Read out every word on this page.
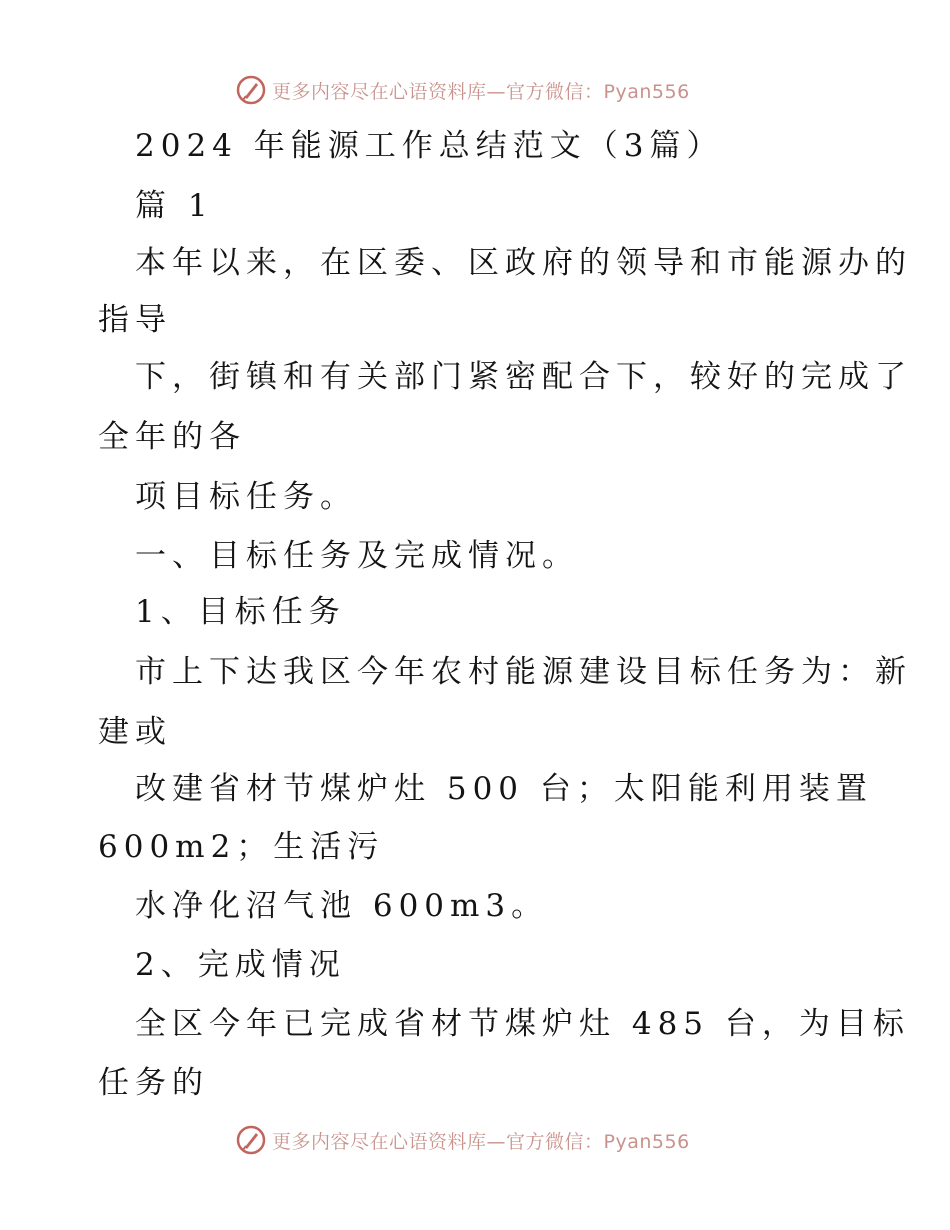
更多内容尽在心语资料库—官方微信：Pyan556
2024 年能源工作总结范文（3篇）
篇 1
本年以来，在区委、区政府的领导和市能源办的
指导
下，街镇和有关部门紧密配合下，较好的完成了
全年的各
项目标任务。
一、目标任务及完成情况。
1、目标任务
市上下达我区今年农村能源建设目标任务为：新
建或
改建省材节煤炉灶 500 台；太阳能利用装置
600m2；生活污
水净化沼气池 600m3。
2、完成情况
全区今年已完成省材节煤炉灶 485 台，为目标
任务的
更多内容尽在心语资料库—官方微信：Pyan556
